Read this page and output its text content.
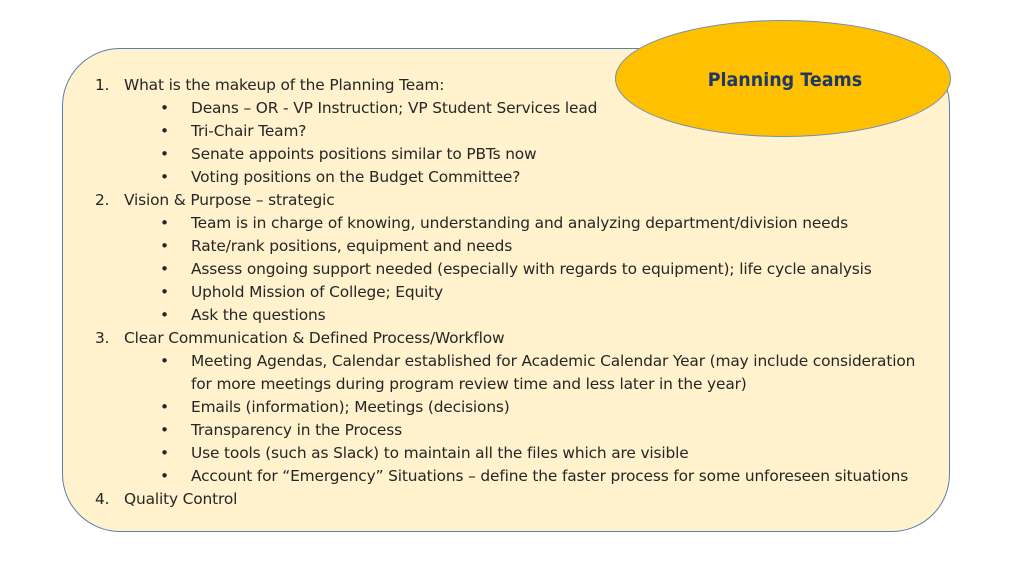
Planning Teams
1. What is the makeup of the Planning Team:
• Deans – OR - VP Instruction; VP Student Services lead
• Tri-Chair Team?
• Senate appoints positions similar to PBTs now
• Voting positions on the Budget Committee?
2. Vision & Purpose – strategic
• Team is in charge of knowing, understanding and analyzing department/division needs
• Rate/rank positions, equipment and needs
• Assess ongoing support needed (especially with regards to equipment); life cycle analysis
• Uphold Mission of College; Equity
• Ask the questions
3. Clear Communication & Defined Process/Workflow
• Meeting Agendas, Calendar established for Academic Calendar Year (may include consideration for more meetings during program review time and less later in the year)
• Emails (information); Meetings (decisions)
• Transparency in the Process
• Use tools (such as Slack) to maintain all the files which are visible
• Account for “Emergency” Situations – define the faster process for some unforeseen situations
4. Quality Control
